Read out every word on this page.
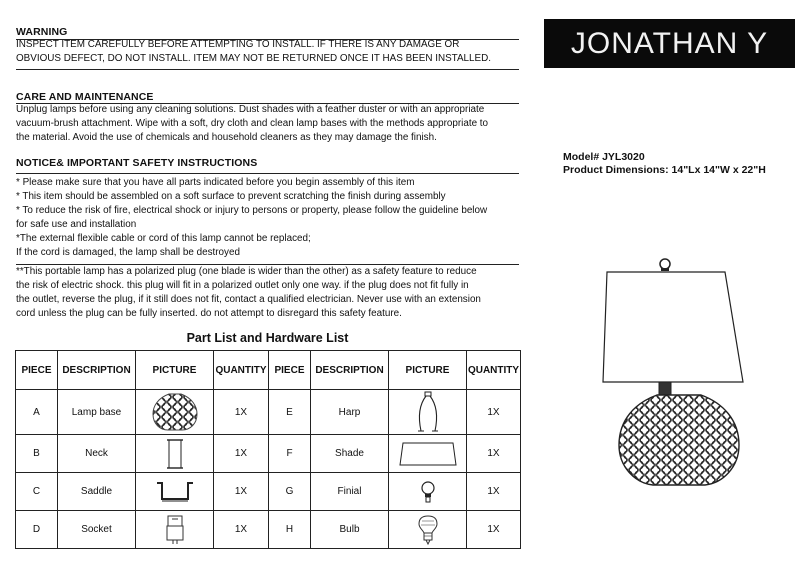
WARNING
INSPECT ITEM CAREFULLY BEFORE ATTEMPTING TO INSTALL. IF THERE IS ANY DAMAGE OR
OBVIOUS DEFECT, DO NOT INSTALL. ITEM MAY NOT BE RETURNED ONCE IT HAS BEEN INSTALLED.
CARE AND MAINTENANCE
Unplug lamps before using any cleaning solutions. Dust shades with a feather duster or with an appropriate
vacuum-brush attachment. Wipe with a soft, dry cloth and clean lamp bases with the methods appropriate to
the material. Avoid the use of chemicals and household cleaners as they may damage the finish.
NOTICE& IMPORTANT SAFETY INSTRUCTIONS
* Please make sure that you have all parts indicated before you begin assembly of this item
* This item should be assembled on a soft surface to prevent scratching the finish during assembly
* To reduce the risk of fire, electrical shock or injury to persons or property, please follow the guideline below
for safe use and installation
*The external flexible cable or cord of this lamp cannot be replaced;
If the cord is damaged, the lamp shall be destroyed
**This portable lamp has a polarized plug (one blade is wider than the other) as a safety feature to reduce
the risk of electric shock. this plug will fit in a polarized outlet only one way. if the plug does not fit fully in
the outlet, reverse the plug, if it still does not fit, contact a qualified electrician. Never use with an extension
cord unless the plug can be fully inserted. do not attempt to disregard this safety feature.
JONATHAN Y
Model# JYL3020
Product Dimensions: 14"Lx 14"W x 22"H
Part List and Hardware List
PIECE	DESCRIPTION	PICTURE	QUANTITY	PIECE	DESCRIPTION	PICTURE	QUANTITY
A	Lamp base		1X	E	Harp		1X
B	Neck		1X	F	Shade		1X
C	Saddle		1X	G	Finial		1X
D	Socket		1X	H	Bulb		1X
